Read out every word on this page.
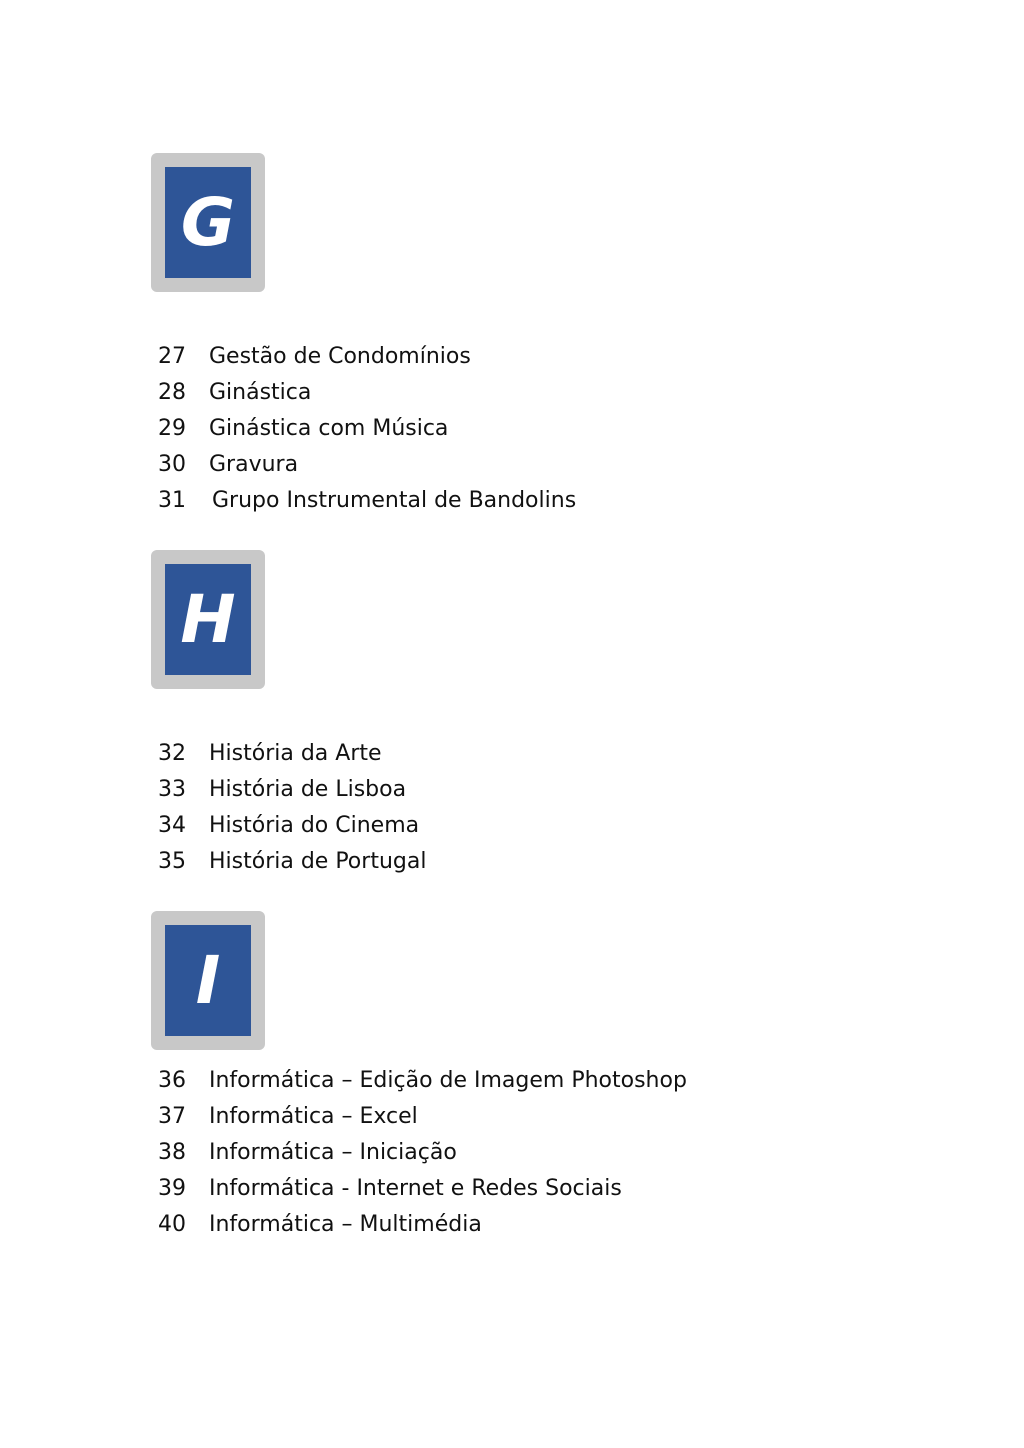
G
27	Gestão de Condomínios
28	Ginástica
29	Ginástica com Música
30	Gravura
31	Grupo Instrumental de Bandolins
H
32	História da Arte
33	História de Lisboa
34	História do Cinema
35	História de Portugal
I
36	Informática – Edição de Imagem Photoshop
37	Informática – Excel
38	Informática – Iniciação
39	Informática - Internet e Redes Sociais
40	Informática – Multimédia
